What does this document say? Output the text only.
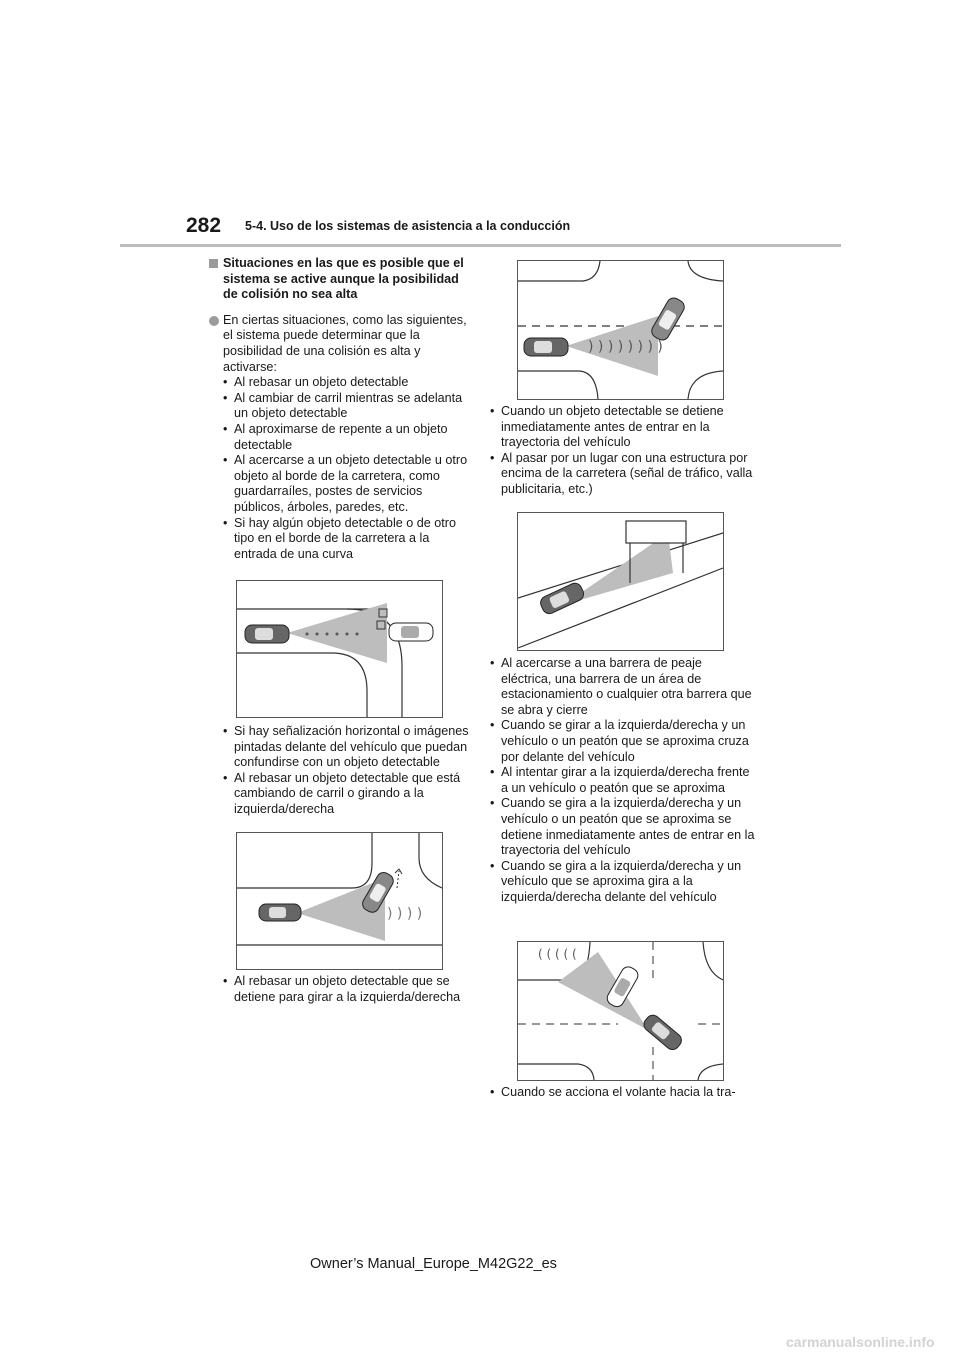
282 5-4. Uso de los sistemas de asistencia a la conducción
Situaciones en las que es posible que el sistema se active aunque la posibilidad de colisión no sea alta
En ciertas situaciones, como las siguientes, el sistema puede determinar que la posibilidad de una colisión es alta y activarse:
• Al rebasar un objeto detectable
• Al cambiar de carril mientras se adelanta un objeto detectable
• Al aproximarse de repente a un objeto detectable
• Al acercarse a un objeto detectable u otro objeto al borde de la carretera, como guardarraíles, postes de servicios públicos, árboles, paredes, etc.
• Si hay algún objeto detectable o de otro tipo en el borde de la carretera a la entrada de una curva
• Si hay señalización horizontal o imágenes pintadas delante del vehículo que puedan confundirse con un objeto detectable
• Al rebasar un objeto detectable que está cambiando de carril o girando a la izquierda/derecha
• Al rebasar un objeto detectable que se detiene para girar a la izquierda/derecha
) ) ) )
) ) ) ) ) ) ) )
( ( ( ( (
• Cuando un objeto detectable se detiene inmediatamente antes de entrar en la trayectoria del vehículo
• Al pasar por un lugar con una estructura por encima de la carretera (señal de tráfico, valla publicitaria, etc.)
• Al acercarse a una barrera de peaje eléctrica, una barrera de un área de estacionamiento o cualquier otra barrera que se abra y cierre
• Cuando se girar a la izquierda/derecha y un vehículo o un peatón que se aproxima cruza por delante del vehículo
• Al intentar girar a la izquierda/derecha frente a un vehículo o peatón que se aproxima
• Cuando se gira a la izquierda/derecha y un vehículo o un peatón que se aproxima se detiene inmediatamente antes de entrar en la trayectoria del vehículo
• Cuando se gira a la izquierda/derecha y un vehículo que se aproxima gira a la izquierda/derecha delante del vehículo
• Cuando se acciona el volante hacia la tra-
Owner’s Manual_Europe_M42G22_es
carmanualsonline.info
